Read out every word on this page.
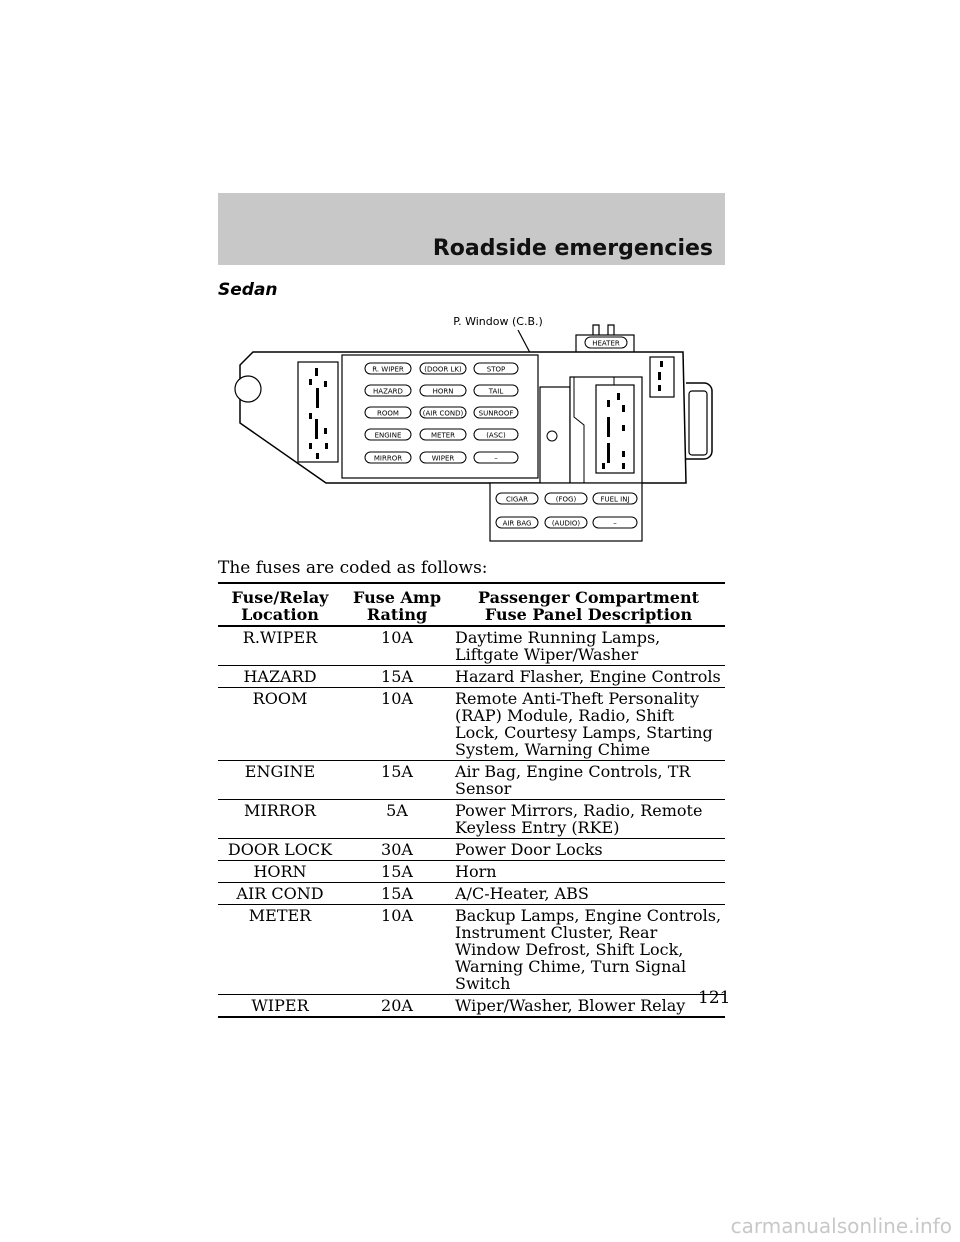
Roadside emergencies
Sedan
P. Window (C.B.)
HEATER
R. WIPER
HAZARD
ROOM
ENGINE
MIRROR
(DOOR LK)
HORN
(AIR COND)
METER
WIPER
STOP
TAIL
SUNROOF
(ASC)
–
CIGAR	(FOG)	FUEL INJ
AIR BAG	(AUDIO)	–
The fuses are coded as follows:
Fuse/Relay Location	Fuse Amp Rating	Passenger Compartment Fuse Panel Description
R.WIPER	10A	Daytime Running Lamps, Liftgate Wiper/Washer
HAZARD	15A	Hazard Flasher, Engine Controls
ROOM	10A	Remote Anti-Theft Personality (RAP) Module, Radio, Shift Lock, Courtesy Lamps, Starting System, Warning Chime
ENGINE	15A	Air Bag, Engine Controls, TR Sensor
MIRROR	5A	Power Mirrors, Radio, Remote Keyless Entry (RKE)
DOOR LOCK	30A	Power Door Locks
HORN	15A	Horn
AIR COND	15A	A/C-Heater, ABS
METER	10A	Backup Lamps, Engine Controls, Instrument Cluster, Rear Window Defrost, Shift Lock, Warning Chime, Turn Signal Switch
WIPER	20A	Wiper/Washer, Blower Relay 121
carmanualsonline.info
